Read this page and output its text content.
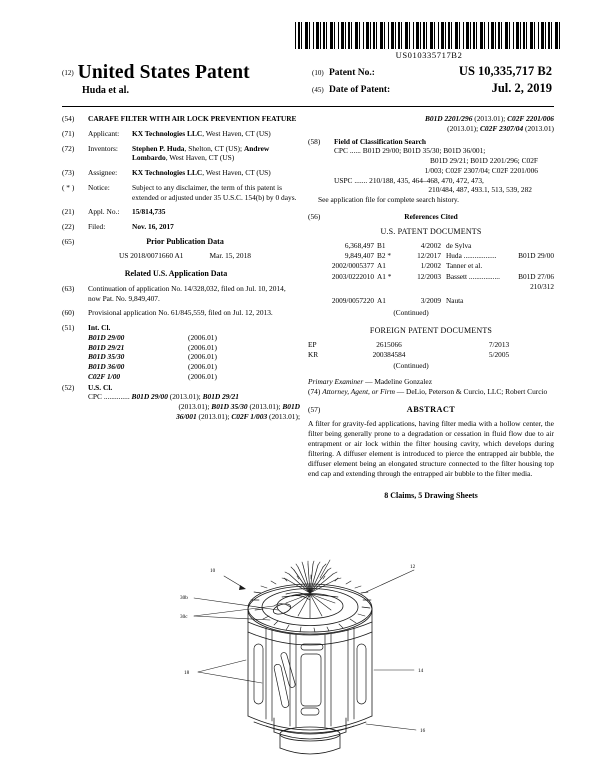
US010335717B2
(12) United States Patent
Huda et al.
(10) Patent No.:	US 10,335,717 B2
(45) Date of Patent:	Jul. 2, 2019
(54)	CARAFE FILTER WITH AIR LOCK PREVENTION FEATURE
(71)	Applicant:	KX Technologies LLC, West Haven, CT (US)
(72)	Inventors:	Stephen P. Huda, Shelton, CT (US); Andrew Lombardo, West Haven, CT (US)
(73)	Assignee:	KX Technologies LLC, West Haven, CT (US)
( * )	Notice:	Subject to any disclaimer, the term of this patent is extended or adjusted under 35 U.S.C. 154(b) by 0 days.
(21)	Appl. No.:	15/814,735
(22)	Filed:	Nov. 16, 2017
(65)	Prior Publication Data
US 2018/0071660 A1	Mar. 15, 2018
Related U.S. Application Data
(63)	Continuation of application No. 14/328,032, filed on Jul. 10, 2014, now Pat. No. 9,849,407.
(60)	Provisional application No. 61/845,559, filed on Jul. 12, 2013.
(51)	Int. Cl.
B01D 29/00	(2006.01)
B01D 29/21	(2006.01)
B01D 35/30	(2006.01)
B01D 36/00	(2006.01)
C02F 1/00	(2006.01)
(52)	U.S. Cl.
CPC .............. B01D 29/00 (2013.01); B01D 29/21
(2013.01); B01D 35/30 (2013.01); B01D
36/001 (2013.01); C02F 1/003 (2013.01);
B01D 2201/296 (2013.01); C02F 2201/006
(2013.01); C02F 2307/04 (2013.01)
(58)	Field of Classification Search
CPC ...... B01D 29/00; B01D 35/30; B01D 36/001;
B01D 29/21; B01D 2201/296; C02F
1/003; C02F 2307/04; C02F 2201/006
USPC ....... 210/188, 435, 464–468, 470, 472, 473,
210/484, 487, 493.1, 513, 539, 282
See application file for complete search history.
(56)	References Cited
U.S. PATENT DOCUMENTS
6,368,497	B1	4/2002	de Sylva	
9,849,407	B2 *	12/2017	Huda ..................	B01D 29/00
2002/0005377	A1	1/2002	Tanner et al.	
2003/0222010	A1 *	12/2003	Bassett .................	B01D 27/06
210/312				
2009/0057220	A1	3/2009	Nauta	
(Continued)
FOREIGN PATENT DOCUMENTS
EP	2615066	7/2013
KR	200384584	5/2005
(Continued)
Primary Examiner — Madeline Gonzalez
(74) Attorney, Agent, or Firm — DeLio, Peterson & Curcio, LLC; Robert Curcio
(57)	ABSTRACT
A filter for gravity-fed applications, having filter media with a hollow center, the filter being generally prone to a degradation or cessation in fluid flow due to air entrapment or air lock within the filter housing cavity, which develops during filtering. A diffuser element is introduced to pierce the entrapped air bubble, the diffuser element being an elongated structure connected to the filter housing top end cap and extending through the entrapped air bubble to the filter media.
8 Claims, 5 Drawing Sheets
10
12
30b
30c
18	14
16
